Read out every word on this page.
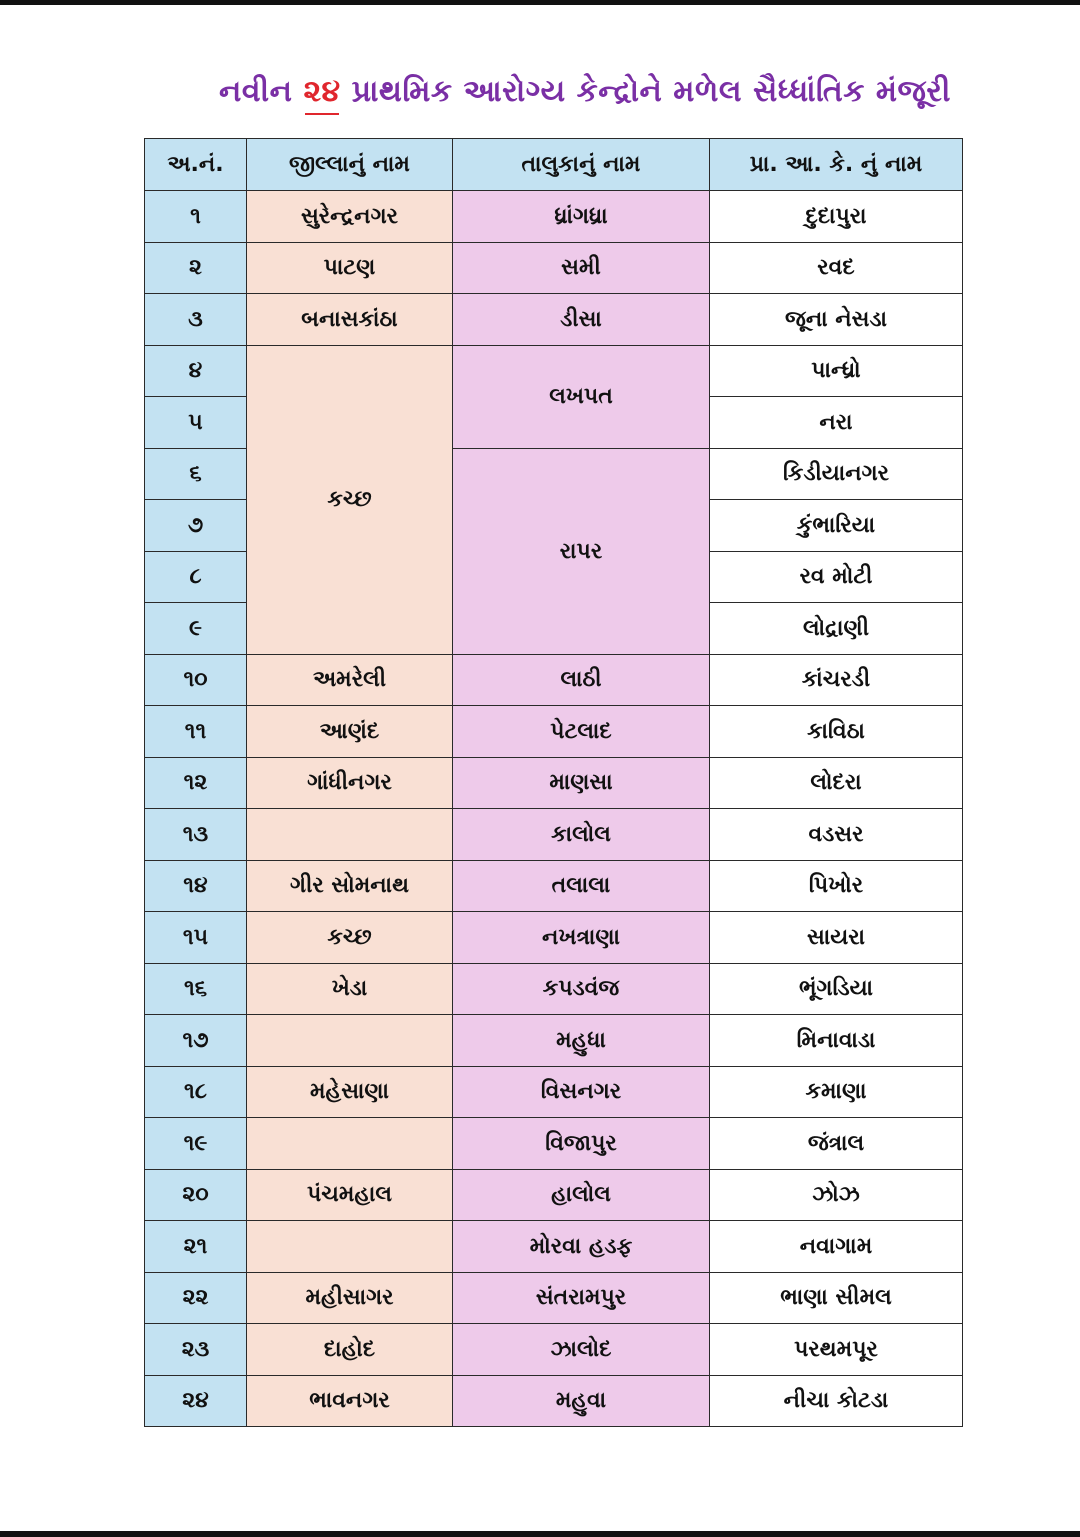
નવીન ૨૪ પ્રાથમિક આરોગ્ય કેન્દ્રોને મળેલ સૈધ્ધાંતિક મંજૂરી
અ.નં.	જીલ્લાનું નામ	તાલુકાનું નામ	પ્રા. આ. કે. નું નામ
૧	સુરેન્દ્રનગર	ધ્રાંગધ્રા	દુદાપુરા
૨	પાટણ	સમી	રવદ
૩	બનાસકાંઠા	ડીસા	જૂના નેસડા
૪	કચ્છ	લખપત	પાન્ધ્રો
૫			નરા
૬		રાપર	કિડીયાનગર
૭			કુંભારિયા
૮			રવ મોટી
૯			લોદ્રાણી
૧૦	અમરેલી	લાઠી	કાંચરડી
૧૧	આણંદ	પેટલાદ	કાવિઠા
૧૨	ગાંધીનગર	માણસા	લોદરા
૧૩		કાલોલ	વડસર
૧૪	ગીર સોમનાથ	તલાલા	પિખોર
૧૫	કચ્છ	નખત્રાણા	સાયરા
૧૬	ખેડા	કપડવંજ	ભૂંગડિયા
૧૭		મહુધા	મિનાવાડા
૧૮	મહેસાણા	વિસનગર	કમાણા
૧૯		વિજાપુર	જંત્રાલ
૨૦	પંચમહાલ	હાલોલ	ઝોઝ
૨૧		મોરવા હડફ	નવાગામ
૨૨	મહીસાગર	સંતરામપુર	ભાણા સીમલ
૨૩	દાહોદ	ઝાલોદ	પરથમપૂર
૨૪	ભાવનગર	મહુવા	નીચા કોટડા
